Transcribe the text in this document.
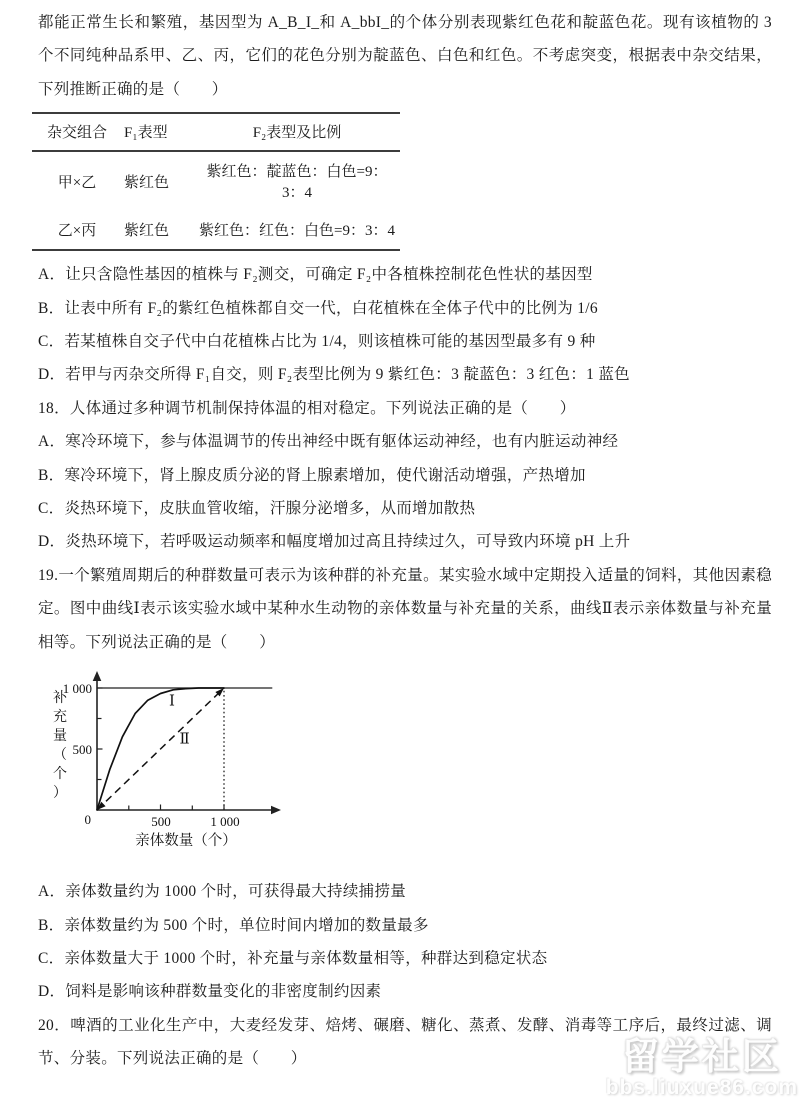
都能正常生长和繁殖，基因型为 A_B_I_和 A_bbI_的个体分别表现紫红色花和靛蓝色花。现有该植物的 3 个不同纯种品系甲、乙、丙，它们的花色分别为靛蓝色、白色和红色。不考虑突变，根据表中杂交结果，下列推断正确的是（　　）

杂交组合	F₁表型	F₂表型及比例
甲×乙	紫红色	紫红色：靛蓝色：白色=9：3：4
乙×丙	紫红色	紫红色：红色：白色=9：3：4

A．让只含隐性基因的植株与 F₂测交，可确定 F₂中各植株控制花色性状的基因型

B．让表中所有 F₂的紫红色植株都自交一代，白花植株在全体子代中的比例为 1/6

C．若某植株自交子代中白花植株占比为 1/4，则该植株可能的基因型最多有 9 种

D．若甲与丙杂交所得 F₁自交，则 F₂表型比例为 9 紫红色：3 靛蓝色：3 红色：1 蓝色

18．人体通过多种调节机制保持体温的相对稳定。下列说法正确的是（　　）

A．寒冷环境下，参与体温调节的传出神经中既有躯体运动神经，也有内脏运动神经

B．寒冷环境下，肾上腺皮质分泌的肾上腺素增加，使代谢活动增强，产热增加

C．炎热环境下，皮肤血管收缩，汗腺分泌增多，从而增加散热

D．炎热环境下，若呼吸运动频率和幅度增加过高且持续过久，可导致内环境 pH 上升

19.一个繁殖周期后的种群数量可表示为该种群的补充量。某实验水域中定期投入适量的饲料，其他因素稳定。图中曲线Ⅰ表示该实验水域中某种水生动物的亲体数量与补充量的关系，曲线Ⅱ表示亲体数量与补充量相等。下列说法正确的是（　　）

Ⅰ
Ⅱ
1 000
500
0	500	1 000
补充量（个）
亲体数量（个）

A．亲体数量约为 1000 个时，可获得最大持续捕捞量

B．亲体数量约为 500 个时，单位时间内增加的数量最多

C．亲体数量大于 1000 个时，补充量与亲体数量相等，种群达到稳定状态

D．饲料是影响该种群数量变化的非密度制约因素

20．啤酒的工业化生产中，大麦经发芽、焙烤、碾磨、糖化、蒸煮、发酵、消毒等工序后，最终过滤、调节、分装。下列说法正确的是（　　）	留学社区
bbs.liuxue86.com
